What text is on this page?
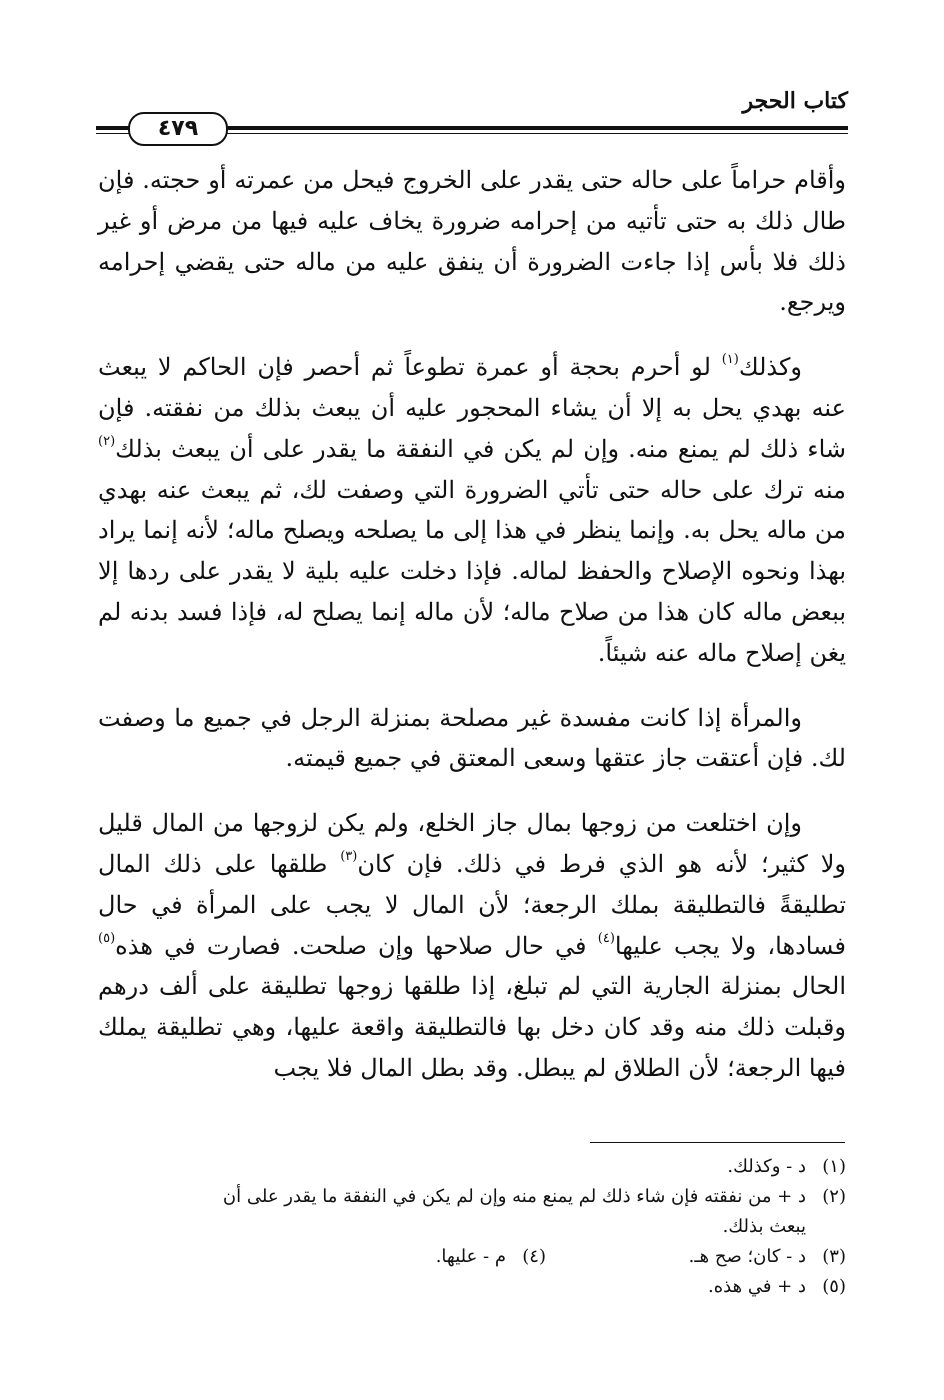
كتاب الحجر
٤٧٩

وأقام حراماً على حاله حتى يقدر على الخروج فيحل من عمرته أو حجته. فإن طال ذلك به حتى تأتيه من إحرامه ضرورة يخاف عليه فيها من مرض أو غير ذلك فلا بأس إذا جاءت الضرورة أن ينفق عليه من ماله حتى يقضي إحرامه ويرجع.

وكذلك$^{(١)}$ لو أحرم بحجة أو عمرة تطوعاً ثم أحصر فإن الحاكم لا يبعث عنه بهدي يحل به إلا أن يشاء المحجور عليه أن يبعث بذلك من نفقته. فإن شاء ذلك لم يمنع منه. وإن لم يكن في النفقة ما يقدر على أن يبعث بذلك$^{(٢)}$ منه ترك على حاله حتى تأتي الضرورة التي وصفت لك، ثم يبعث عنه بهدي من ماله يحل به. وإنما ينظر في هذا إلى ما يصلحه ويصلح ماله؛ لأنه إنما يراد بهذا ونحوه الإصلاح والحفظ لماله. فإذا دخلت عليه بلية لا يقدر على ردها إلا ببعض ماله كان هذا من صلاح ماله؛ لأن ماله إنما يصلح له، فإذا فسد بدنه لم يغن إصلاح ماله عنه شيئاً.

والمرأة إذا كانت مفسدة غير مصلحة بمنزلة الرجل في جميع ما وصفت لك. فإن أعتقت جاز عتقها وسعى المعتق في جميع قيمته.

وإن اختلعت من زوجها بمال جاز الخلع، ولم يكن لزوجها من المال قليل ولا كثير؛ لأنه هو الذي فرط في ذلك. فإن كان$^{(٣)}$ طلقها على ذلك المال تطليقةً فالتطليقة بملك الرجعة؛ لأن المال لا يجب على المرأة في حال فسادها، ولا يجب عليها$^{(٤)}$ في حال صلاحها وإن صلحت. فصارت في هذه$^{(٥)}$ الحال بمنزلة الجارية التي لم تبلغ، إذا طلقها زوجها تطليقة على ألف درهم وقبلت ذلك منه وقد كان دخل بها فالتطليقة واقعة عليها، وهي تطليقة يملك فيها الرجعة؛ لأن الطلاق لم يبطل. وقد بطل المال فلا يجب

(١)د - وكذلك.
(٢)د + من نفقته فإن شاء ذلك لم يمنع منه وإن لم يكن في النفقة ما يقدر على أن
يبعث بذلك.
(٣)د - كان؛ صح هـ.
(٤)م - عليها.
(٥)د + في هذه.
